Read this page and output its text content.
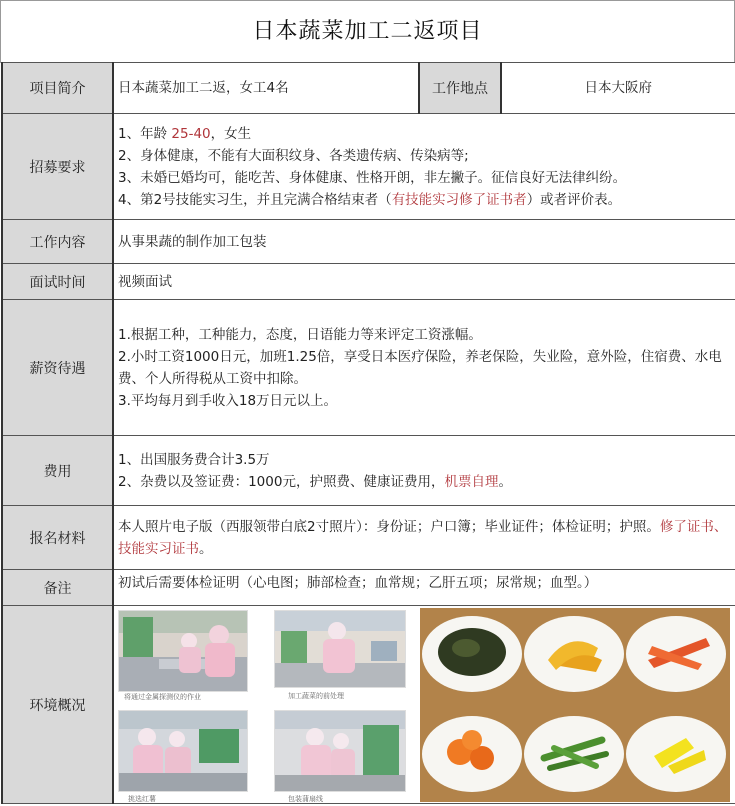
日本蔬菜加工二返项目
项目简介	日本蔬菜加工二返，女工4名	工作地点	日本大阪府
招募要求	1、年龄 25-40，女生
2、身体健康，不能有大面积纹身、各类遗传病、传染病等;
3、未婚已婚均可，能吃苦、身体健康、性格开朗，非左撇子。征信良好无法律纠纷。
4、第2号技能实习生，并且完满合格结束者（有技能实习修了证书者）或者评价表。		

工作内容	从事果蔬的制作加工包装		
面试时间	视频面试		
薪资待遇	1.根据工种，工种能力，态度，日语能力等来评定工资涨幅。
2.小时工资1000日元，加班1.25倍，享受日本医疗保险，养老保险，失业险，意外险，住宿费、水电费、个人所得税从工资中扣除。
3.平均每月到手收入18万日元以上。		

费用	1、出国服务费合计3.5万
2、杂费以及签证费：1000元，护照费、健康证费用，机票自理。		

报名材料	本人照片电子版（西服领带白底2寸照片）：身份证；户口簿；毕业证件；体检证明；护照。修了证书、技能实习证书。		
备注	初试后需要体检证明（心电图；肺部检查；血常规；乙肝五项；尿常规；血型。）		
环境概况	将通过金属探测仪的作业 加工蔬菜的前处理
挑选红薯 包装蒲扇线		
